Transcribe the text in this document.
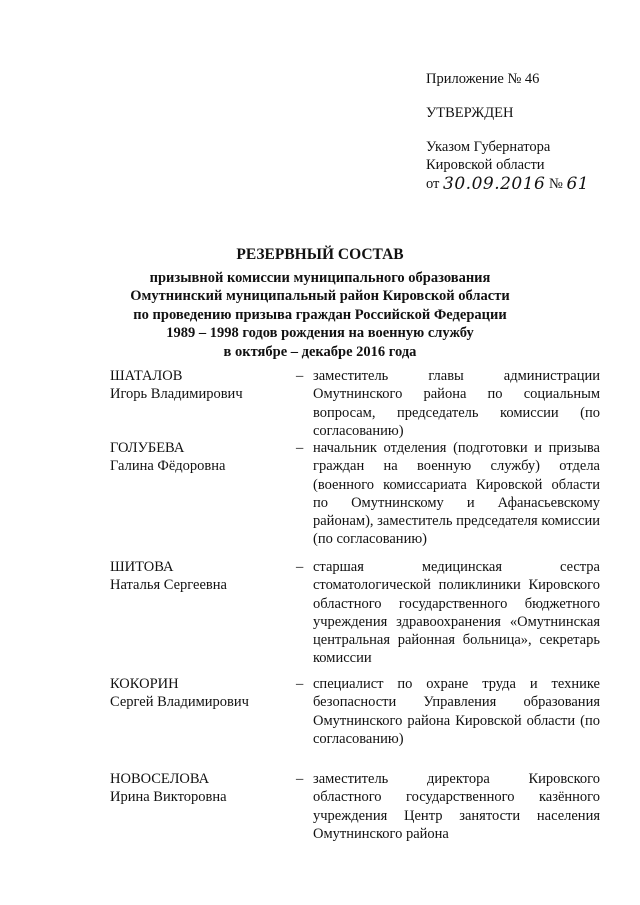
Приложение № 46
УТВЕРЖДЕН
Указом Губернатора
Кировской области
от 30.09.2016 № 61
РЕЗЕРВНЫЙ СОСТАВ
призывной комиссии муниципального образования
Омутнинский муниципальный район Кировской области
по проведению призыва граждан Российской Федерации
1989 – 1998 годов рождения на военную службу
в октябре – декабре 2016 года
ШАТАЛОВ
Игорь Владимирович
– заместитель главы администрации Омутнинского района по социальным вопросам, председатель комиссии (по согласованию)
ГОЛУБЕВА
Галина Фёдоровна
– начальник отделения (подготовки и призыва граждан на военную службу) отдела (военного комиссариата Кировской области по Омутнинскому и Афанасьевскому районам), заместитель председателя комиссии (по согласованию)
ШИТОВА
Наталья Сергеевна
– старшая медицинская сестра стоматологической поликлиники Кировского областного государственного бюджетного учреждения здравоохранения «Омутнинская центральная районная больница», секретарь комиссии
КОКОРИН
Сергей Владимирович
– специалист по охране труда и технике безопасности Управления образования Омутнинского района Кировской области (по согласованию)
НОВОСЕЛОВА
Ирина Викторовна
– заместитель директора Кировского областного государственного казённого учреждения Центр занятости населения Омутнинского района
